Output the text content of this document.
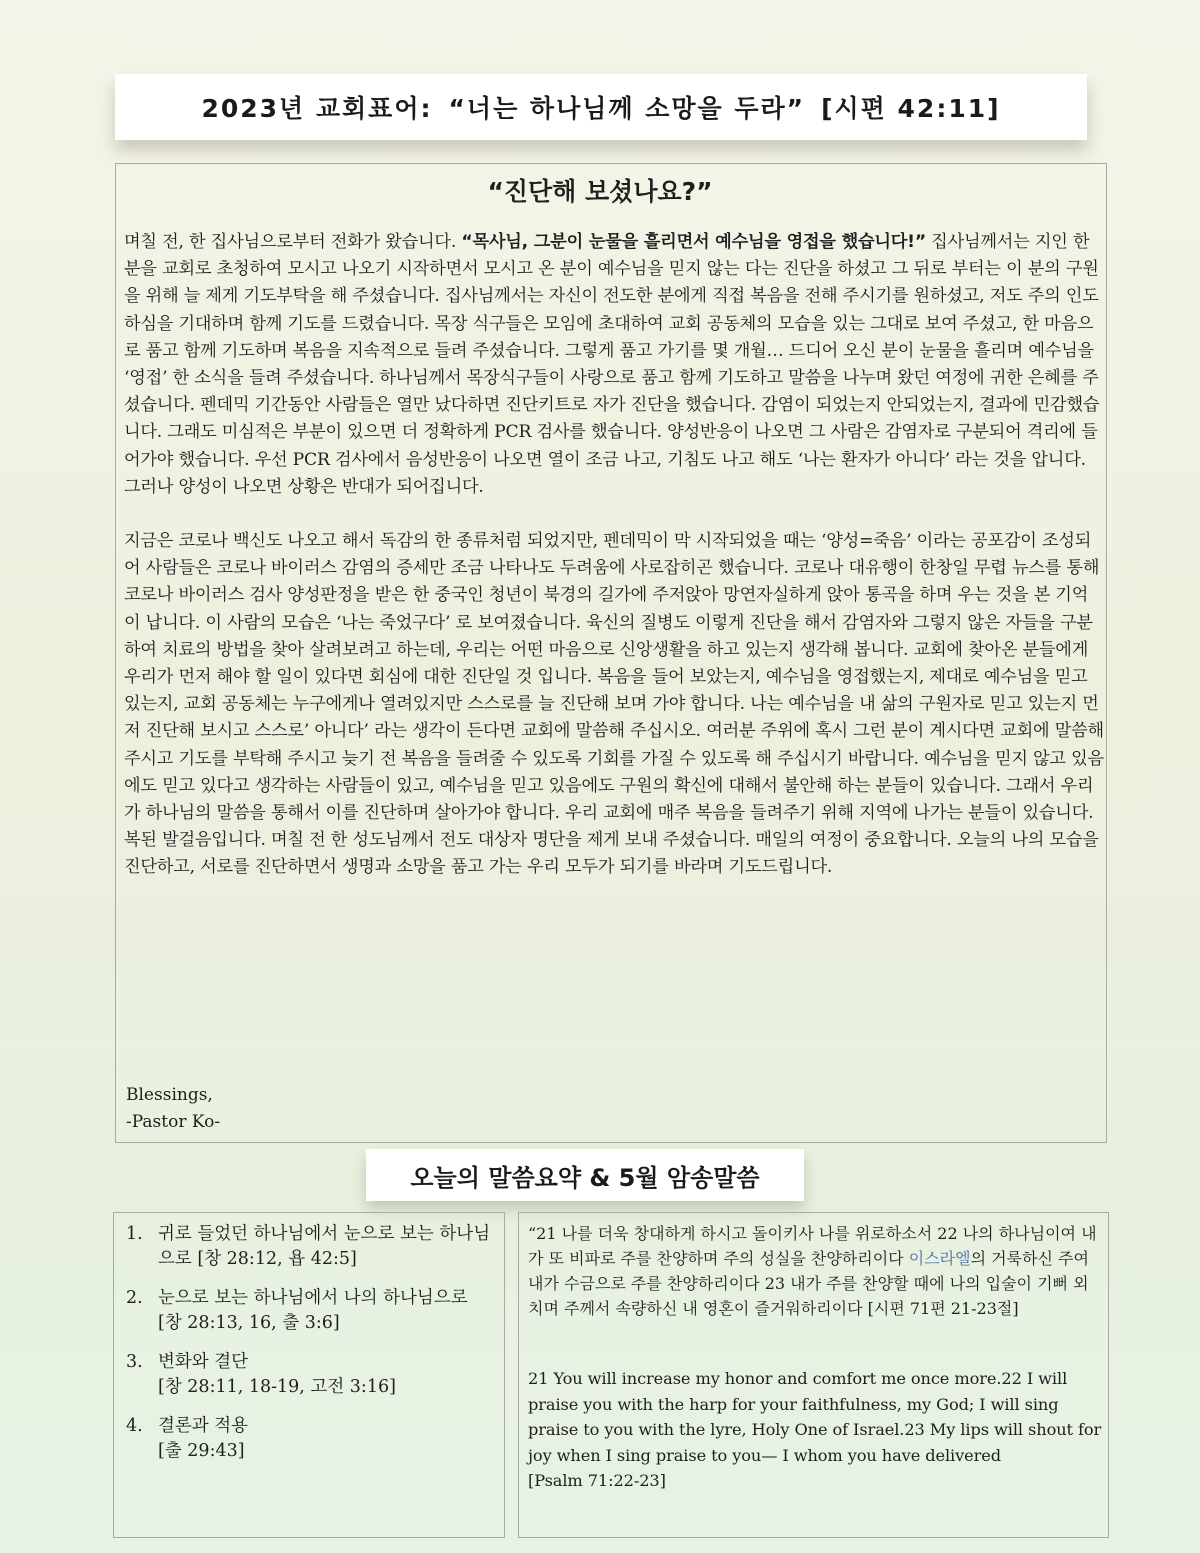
2023년 교회표어: “너는 하나님께 소망을 두라” [시편 42:11]
“진단해 보셨나요?”

며칠 전, 한 집사님으로부터 전화가 왔습니다. “목사님, 그분이 눈물을 흘리면서 예수님을 영접을 했습니다!” 집사님께서는 지인 한분을 교회로 초청하여 모시고 나오기 시작하면서 모시고 온 분이 예수님을 믿지 않는 다는 진단을 하셨고 그 뒤로 부터는 이 분의 구원을 위해 늘 제게 기도부탁을 해 주셨습니다. 집사님께서는 자신이 전도한 분에게 직접 복음을 전해 주시기를 원하셨고, 저도 주의 인도하심을 기대하며 함께 기도를 드렸습니다. 목장 식구들은 모임에 초대하여 교회 공동체의 모습을 있는 그대로 보여 주셨고, 한 마음으로 품고 함께 기도하며 복음을 지속적으로 들려 주셨습니다. 그렇게 품고 가기를 몇 개월… 드디어 오신 분이 눈물을 흘리며 예수님을 ‘영접’ 한 소식을 들려 주셨습니다. 하나님께서 목장식구들이 사랑으로 품고 함께 기도하고 말씀을 나누며 왔던 여정에 귀한 은혜를 주셨습니다. 펜데믹 기간동안 사람들은 열만 났다하면 진단키트로 자가 진단을 했습니다. 감염이 되었는지 안되었는지, 결과에 민감했습니다. 그래도 미심적은 부분이 있으면 더 정확하게 PCR 검사를 했습니다. 양성반응이 나오면 그 사람은 감염자로 구분되어 격리에 들어가야 했습니다. 우선 PCR 검사에서 음성반응이 나오면 열이 조금 나고, 기침도 나고 해도 ‘나는 환자가 아니다’ 라는 것을 압니다. 그러나 양성이 나오면 상황은 반대가 되어집니다.

지금은 코로나 백신도 나오고 해서 독감의 한 종류처럼 되었지만, 펜데믹이 막 시작되었을 때는 ‘양성=죽음’ 이라는 공포감이 조성되어 사람들은 코로나 바이러스 감염의 증세만 조금 나타나도 두려움에 사로잡히곤 했습니다. 코로나 대유행이 한창일 무렵 뉴스를 통해 코로나 바이러스 검사 양성판정을 받은 한 중국인 청년이 북경의 길가에 주저앉아 망연자실하게 앉아 통곡을 하며 우는 것을 본 기억이 납니다. 이 사람의 모습은 ‘나는 죽었구다’ 로 보여졌습니다. 육신의 질병도 이렇게 진단을 해서 감염자와 그렇지 않은 자들을 구분하여 치료의 방법을 찾아 살려보려고 하는데, 우리는 어떤 마음으로 신앙생활을 하고 있는지 생각해 봅니다. 교회에 찾아온 분들에게 우리가 먼저 해야 할 일이 있다면 회심에 대한 진단일 것 입니다. 복음을 들어 보았는지, 예수님을 영접했는지, 제대로 예수님을 믿고 있는지, 교회 공동체는 누구에게나 열려있지만 스스로를 늘 진단해 보며 가야 합니다. 나는 예수님을 내 삶의 구원자로 믿고 있는지 먼저 진단해 보시고 스스로’ 아니다’ 라는 생각이 든다면 교회에 말씀해 주십시오. 여러분 주위에 혹시 그런 분이 계시다면 교회에 말씀해 주시고 기도를 부탁해 주시고 늦기 전 복음을 들려줄 수 있도록 기회를 가질 수 있도록 해 주십시기 바랍니다. 예수님을 믿지 않고 있음에도 믿고 있다고 생각하는 사람들이 있고, 예수님을 믿고 있음에도 구원의 확신에 대해서 불안해 하는 분들이 있습니다. 그래서 우리가 하나님의 말씀을 통해서 이를 진단하며 살아가야 합니다. 우리 교회에 매주 복음을 들려주기 위해 지역에 나가는 분들이 있습니다. 복된 발걸음입니다. 며칠 전 한 성도님께서 전도 대상자 명단을 제게 보내 주셨습니다. 매일의 여정이 중요합니다. 오늘의 나의 모습을 진단하고, 서로를 진단하면서 생명과 소망을 품고 가는 우리 모두가 되기를 바라며 기도드립니다.

Blessings,
-Pastor Ko-
오늘의 말씀요약 & 5월 암송말씀
1. 귀로 들었던 하나님에서 눈으로 보는 하나님으로 [창 28:12, 욥 42:5]
2. 눈으로 보는 하나님에서 나의 하나님으로 [창 28:13, 16, 출 3:6]
3. 변화와 결단
[창 28:11, 18-19, 고전 3:16]
4. 결론과 적용
[출 29:43]
“21 나를 더욱 창대하게 하시고 돌이키사 나를 위로하소서 22 나의 하나님이여 내가 또 비파로 주를 찬양하며 주의 성실을 찬양하리이다 이스라엘의 거룩하신 주여 내가 수금으로 주를 찬양하리이다 23 내가 주를 찬양할 때에 나의 입술이 기뻐 외치며 주께서 속량하신 내 영혼이 즐거워하리이다 [시편 71편 21-23절]
21 You will increase my honor and comfort me once more.22 I will praise you with the harp for your faithfulness, my God; I will sing praise to you with the lyre, Holy One of Israel.23 My lips will shout for joy when I sing praise to you— I whom you have delivered
[Psalm 71:22-23]
